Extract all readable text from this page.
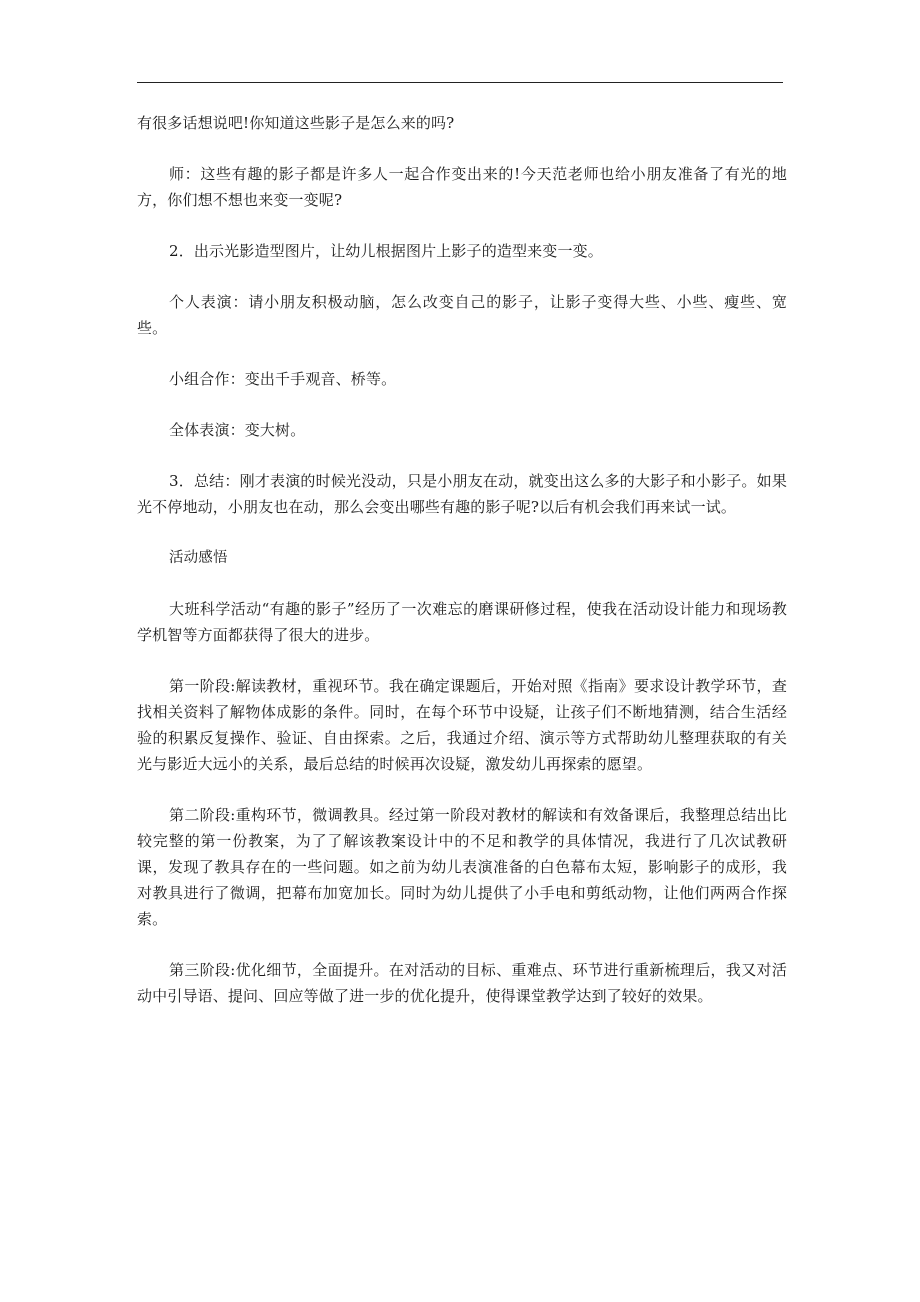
有很多话想说吧!你知道这些影子是怎么来的吗?

师：这些有趣的影子都是许多人一起合作变出来的!今天范老师也给小朋友准备了有光的地方，你们想不想也来变一变呢?

2．出示光影造型图片，让幼儿根据图片上影子的造型来变一变。

个人表演：请小朋友积极动脑，怎么改变自己的影子，让影子变得大些、小些、瘦些、宽些。

小组合作：变出千手观音、桥等。

全体表演：变大树。

3．总结：刚才表演的时候光没动，只是小朋友在动，就变出这么多的大影子和小影子。如果光不停地动，小朋友也在动，那么会变出哪些有趣的影子呢?以后有机会我们再来试一试。

活动感悟

大班科学活动“有趣的影子”经历了一次难忘的磨课研修过程，使我在活动设计能力和现场教学机智等方面都获得了很大的进步。

第一阶段:解读教材，重视环节。我在确定课题后，开始对照《指南》要求设计教学环节，查找相关资料了解物体成影的条件。同时，在每个环节中设疑，让孩子们不断地猜测，结合生活经验的积累反复操作、验证、自由探索。之后，我通过介绍、演示等方式帮助幼儿整理获取的有关光与影近大远小的关系，最后总结的时候再次设疑，激发幼儿再探索的愿望。

第二阶段:重构环节，微调教具。经过第一阶段对教材的解读和有效备课后，我整理总结出比较完整的第一份教案，为了了解该教案设计中的不足和教学的具体情况，我进行了几次试教研课，发现了教具存在的一些问题。如之前为幼儿表演准备的白色幕布太短，影响影子的成形，我对教具进行了微调，把幕布加宽加长。同时为幼儿提供了小手电和剪纸动物，让他们两两合作探索。

第三阶段:优化细节，全面提升。在对活动的目标、重难点、环节进行重新梳理后，我又对活动中引导语、提问、回应等做了进一步的优化提升，使得课堂教学达到了较好的效果。
